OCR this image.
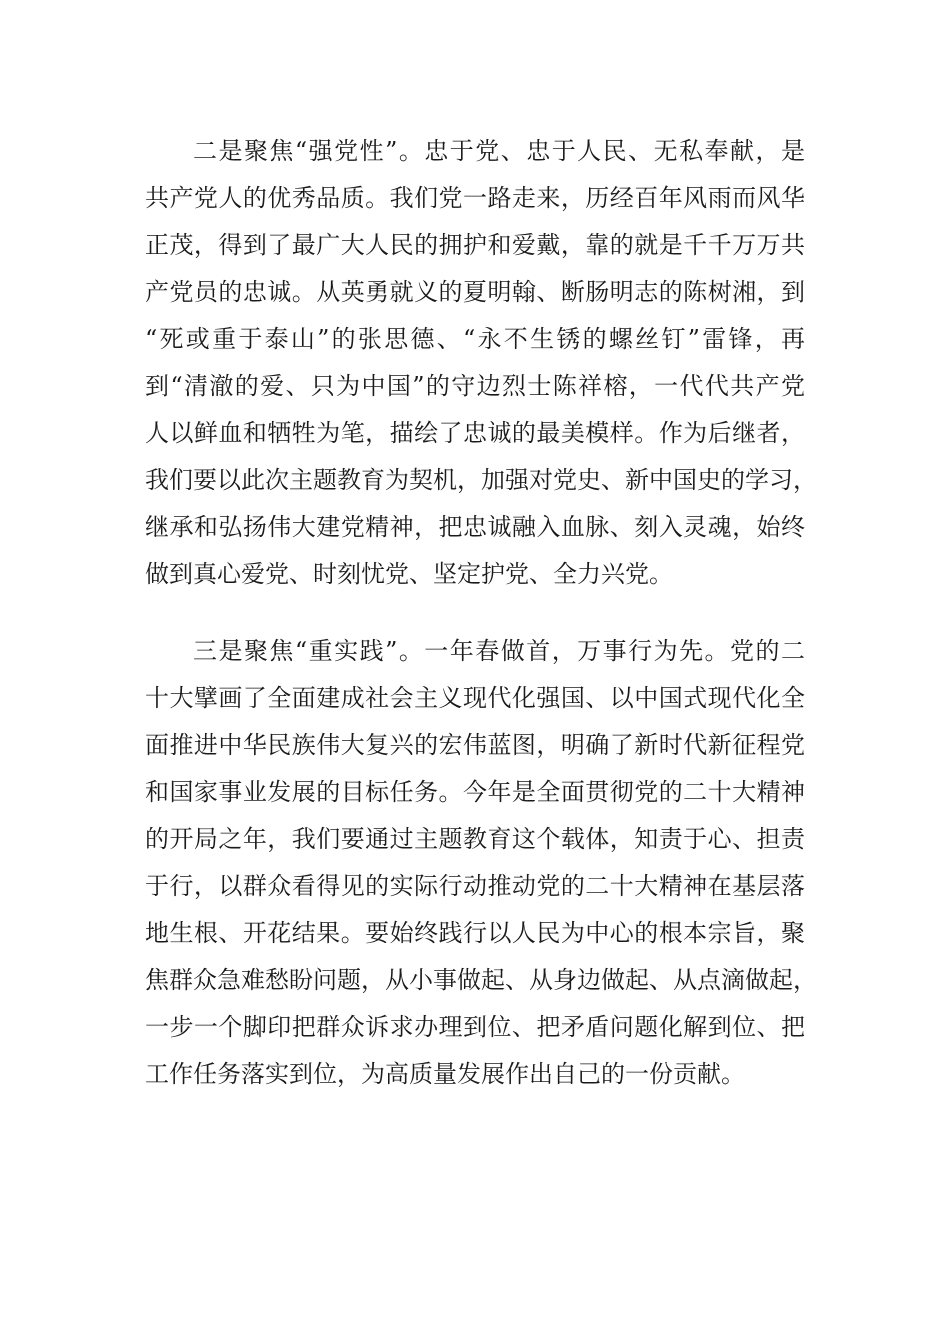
二是聚焦“强党性”。忠于党、忠于人民、无私奉献，是
共产党人的优秀品质。我们党一路走来，历经百年风雨而风华
正茂，得到了最广大人民的拥护和爱戴，靠的就是千千万万共
产党员的忠诚。从英勇就义的夏明翰、断肠明志的陈树湘，到
“死或重于泰山”的张思德、“永不生锈的螺丝钉”雷锋，再
到“清澈的爱、只为中国”的守边烈士陈祥榕，一代代共产党
人以鲜血和牺牲为笔，描绘了忠诚的最美模样。作为后继者，
我们要以此次主题教育为契机，加强对党史、新中国史的学习，
继承和弘扬伟大建党精神，把忠诚融入血脉、刻入灵魂，始终
做到真心爱党、时刻忧党、坚定护党、全力兴党。
三是聚焦“重实践”。一年春做首，万事行为先。党的二
十大擘画了全面建成社会主义现代化强国、以中国式现代化全
面推进中华民族伟大复兴的宏伟蓝图，明确了新时代新征程党
和国家事业发展的目标任务。今年是全面贯彻党的二十大精神
的开局之年，我们要通过主题教育这个载体，知责于心、担责
于行，以群众看得见的实际行动推动党的二十大精神在基层落
地生根、开花结果。要始终践行以人民为中心的根本宗旨，聚
焦群众急难愁盼问题，从小事做起、从身边做起、从点滴做起，
一步一个脚印把群众诉求办理到位、把矛盾问题化解到位、把
工作任务落实到位，为高质量发展作出自己的一份贡献。
